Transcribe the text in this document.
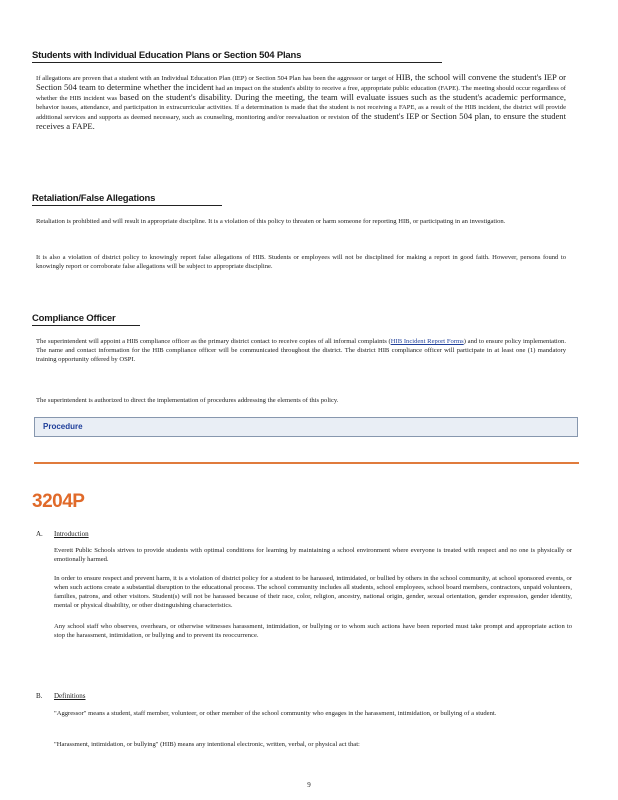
Students with Individual Education Plans or Section 504 Plans
If allegations are proven that a student with an Individual Education Plan (IEP) or Section 504 Plan has been the aggressor or target of HIB, the school will convene the student's IEP or Section 504 team to determine whether the incident had an impact on the student's ability to receive a free, appropriate public education (FAPE). The meeting should occur regardless of whether the HIB incident was based on the student's disability. During the meeting, the team will evaluate issues such as the student's academic performance, behavior issues, attendance, and participation in extracurricular activities. If a determination is made that the student is not receiving a FAPE, as a result of the HIB incident, the district will provide additional services and supports as deemed necessary, such as counseling, monitoring and/or reevaluation or revision of the student's IEP or Section 504 plan, to ensure the student receives a FAPE.
Retaliation/False Allegations
Retaliation is prohibited and will result in appropriate discipline. It is a violation of this policy to threaten or harm someone for reporting HIB, or participating in an investigation.
It is also a violation of district policy to knowingly report false allegations of HIB. Students or employees will not be disciplined for making a report in good faith. However, persons found to knowingly report or corroborate false allegations will be subject to appropriate discipline.
Compliance Officer
The superintendent will appoint a HIB compliance officer as the primary district contact to receive copies of all informal complaints (HIB Incident Report Forms) and to ensure policy implementation. The name and contact information for the HIB compliance officer will be communicated throughout the district. The district HIB compliance officer will participate in at least one (1) mandatory training opportunity offered by OSPI.
The superintendent is authorized to direct the implementation of procedures addressing the elements of this policy.
Procedure
3204P
A. Introduction
Everett Public Schools strives to provide students with optimal conditions for learning by maintaining a school environment where everyone is treated with respect and no one is physically or emotionally harmed.
In order to ensure respect and prevent harm, it is a violation of district policy for a student to be harassed, intimidated, or bullied by others in the school community, at school sponsored events, or when such actions create a substantial disruption to the educational process. The school community includes all students, school employees, school board members, contractors, unpaid volunteers, families, patrons, and other visitors. Student(s) will not be harassed because of their race, color, religion, ancestry, national origin, gender, sexual orientation, gender expression, gender identity, mental or physical disability, or other distinguishing characteristics.
Any school staff who observes, overhears, or otherwise witnesses harassment, intimidation, or bullying or to whom such actions have been reported must take prompt and appropriate action to stop the harassment, intimidation, or bullying and to prevent its reoccurrence.
B. Definitions
"Aggressor" means a student, staff member, volunteer, or other member of the school community who engages in the harassment, intimidation, or bullying of a student.
"Harassment, intimidation, or bullying" (HIB) means any intentional electronic, written, verbal, or physical act that:
9
